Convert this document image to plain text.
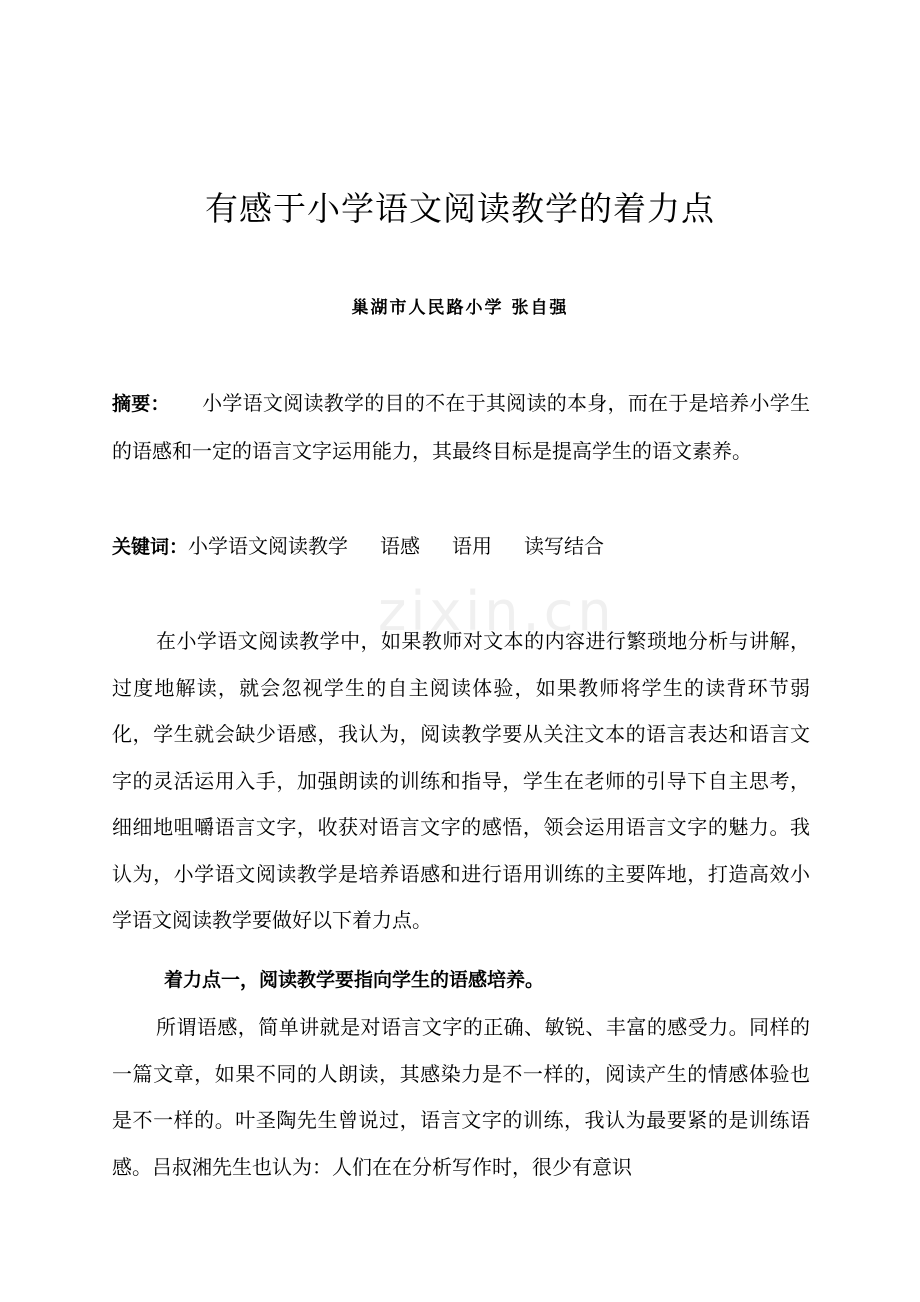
zixin.cn
有感于小学语文阅读教学的着力点
巢湖市人民路小学 张自强
摘要： 小学语文阅读教学的目的不在于其阅读的本身，而在于是培养小学生的语感和一定的语言文字运用能力，其最终目标是提高学生的语文素养。
关键词：小学语文阅读教学 语感 语用 读写结合
在小学语文阅读教学中，如果教师对文本的内容进行繁琐地分析与讲解，过度地解读，就会忽视学生的自主阅读体验，如果教师将学生的读背环节弱化，学生就会缺少语感，我认为，阅读教学要从关注文本的语言表达和语言文字的灵活运用入手，加强朗读的训练和指导，学生在老师的引导下自主思考，细细地咀嚼语言文字，收获对语言文字的感悟，领会运用语言文字的魅力。我认为，小学语文阅读教学是培养语感和进行语用训练的主要阵地，打造高效小学语文阅读教学要做好以下着力点。
着力点一，阅读教学要指向学生的语感培养。
所谓语感，简单讲就是对语言文字的正确、敏锐、丰富的感受力。同样的一篇文章，如果不同的人朗读，其感染力是不一样的，阅读产生的情感体验也是不一样的。叶圣陶先生曾说过，语言文字的训练，我认为最要紧的是训练语感。吕叔湘先生也认为：人们在在分析写作时，很少有意识
